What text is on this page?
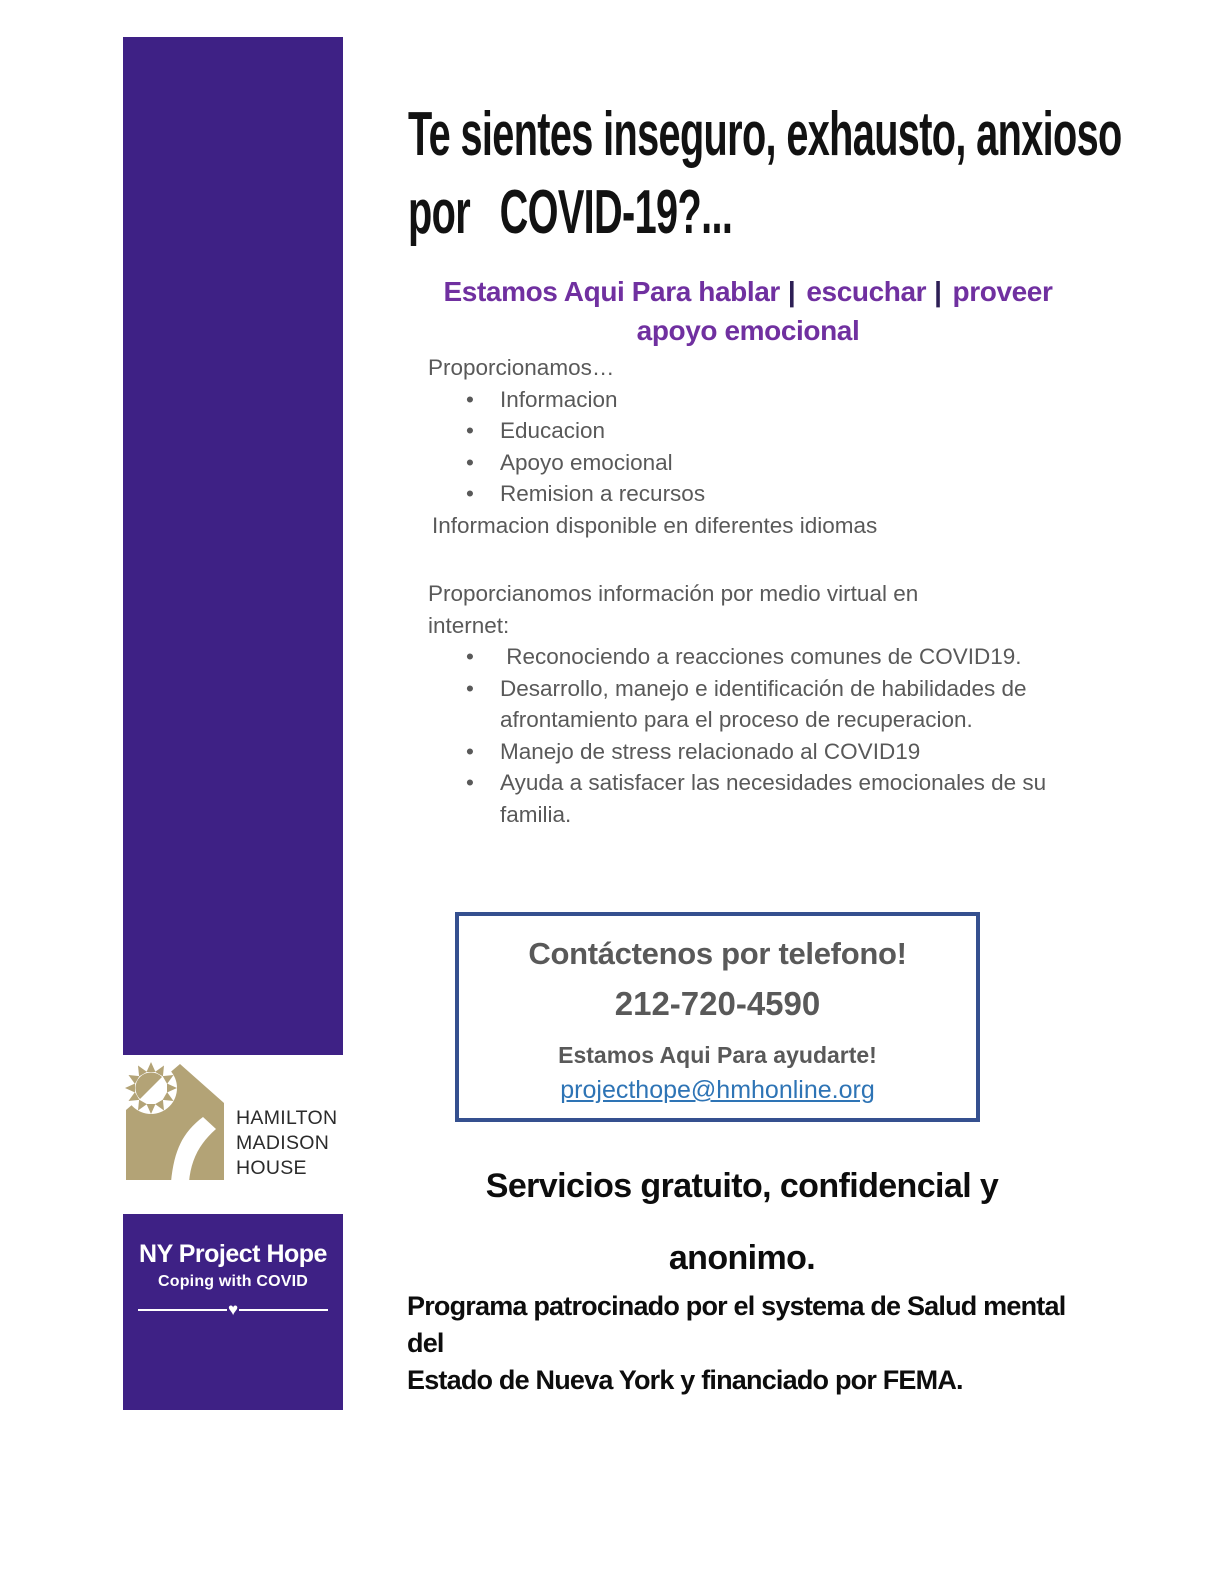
Te sientes inseguro, exhausto, anxioso
por  COVID-19?...
Estamos Aqui Para hablar | escuchar | proveer
apoyo emocional
Proporcionamos…
• Informacion
• Educacion
• Apoyo emocional
• Remision a recursos
Informacion disponible en diferentes idiomas
Proporcianomos información por medio virtual en
internet:
•  Reconociendo a reacciones comunes de COVID19.
• Desarrollo, manejo e identificación de habilidades de afrontamiento para el proceso de recuperacion.
• Manejo de stress relacionado al COVID19
• Ayuda a satisfacer las necesidades emocionales de su familia.
Contáctenos por telefono!
212-720-4590
Estamos Aqui Para ayudarte!
projecthope@hmhonline.org
Servicios gratuito, confidencial y
anonimo.
Programa patrocinado por el systema de Salud mental del
Estado de Nueva York y financiado por FEMA.
HAMILTON
MADISON
HOUSE
NY Project Hope
Coping with COVID
♥
